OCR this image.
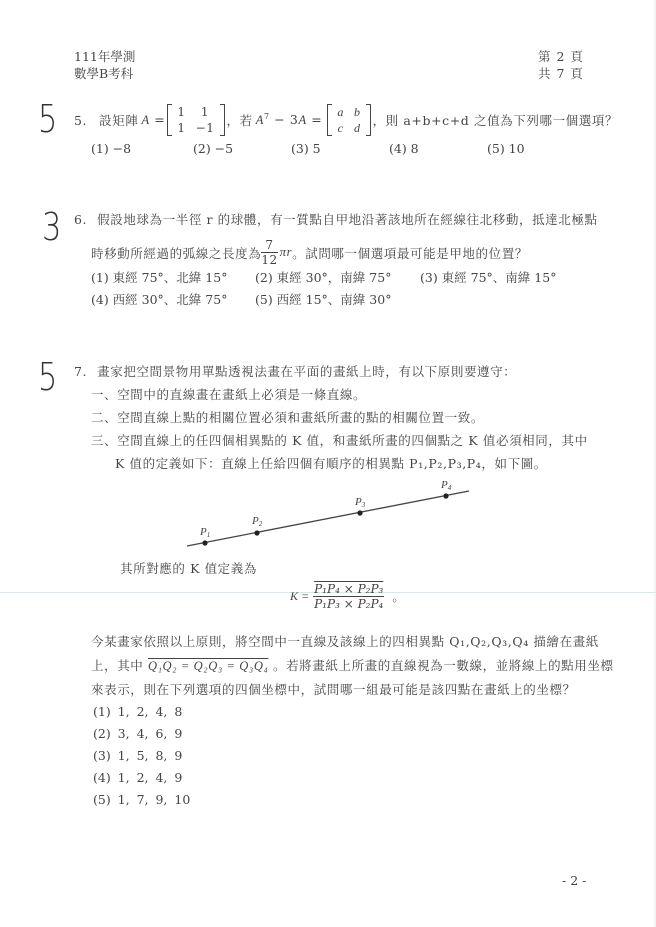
111年學測
數學B考科
第 2 頁
共 7 頁
5
3
5
5. 設矩陣 A = 1	1
1	−1 ，若 $A^7 - 3A$ =
a	b
c	d ，則 a+b+c+d 之值為下列哪一個選項？
(1) −8	(2) −5	(3) 5	(4) 8	(5) 10
6. 假設地球為一半徑 r 的球體，有一質點自甲地沿著該地所在經線往北移動，抵達北極點
時移動所經過的弧線之長度為 $\frac{7}{12}$ πr 。試問哪一個選項最可能是甲地的位置？
(1) 東經 75°、北緯 15° (2) 東經 30°，南緯 75° (3) 東經 75°、南緯 15°
(4) 西經 30°、北緯 75° (5) 西經 15°、南緯 30°
7. 畫家把空間景物用單點透視法畫在平面的畫紙上時，有以下原則要遵守：
一、空間中的直線畫在畫紙上必須是一條直線。
二、空間直線上點的相關位置必須和畫紙所畫的點的相關位置一致。
三、空間直線上的任四個相異點的 K 值，和畫紙所畫的四個點之 K 值必須相同，其中
K 值的定義如下：直線上任給四個有順序的相異點 P₁,P₂,P₃,P₄，如下圖。
P1
P2
P3
P4
其所對應的 K 值定義為
$K = \frac{\text{P₁P₄ × P₂P₃}}{\text{P₁P₃ × P₂P₄}}$ 。
今某畫家依照以上原則，將空間中一直線及該線上的四相異點 Q₁,Q₂,Q₃,Q₄ 描繪在畫紙
上，其中 Q₁Q₂ = Q₂Q₃ = Q₃Q₄ 。若將畫紙上所畫的直線視為一數線，並將線上的點用坐標
來表示，則在下列選項的四個坐標中，試問哪一組最可能是該四點在畫紙上的坐標？
(1) 1, 2, 4, 8
(2) 3, 4, 6, 9
(3) 1, 5, 8, 9
(4) 1, 2, 4, 9
(5) 1, 7, 9, 10
- 2 -
